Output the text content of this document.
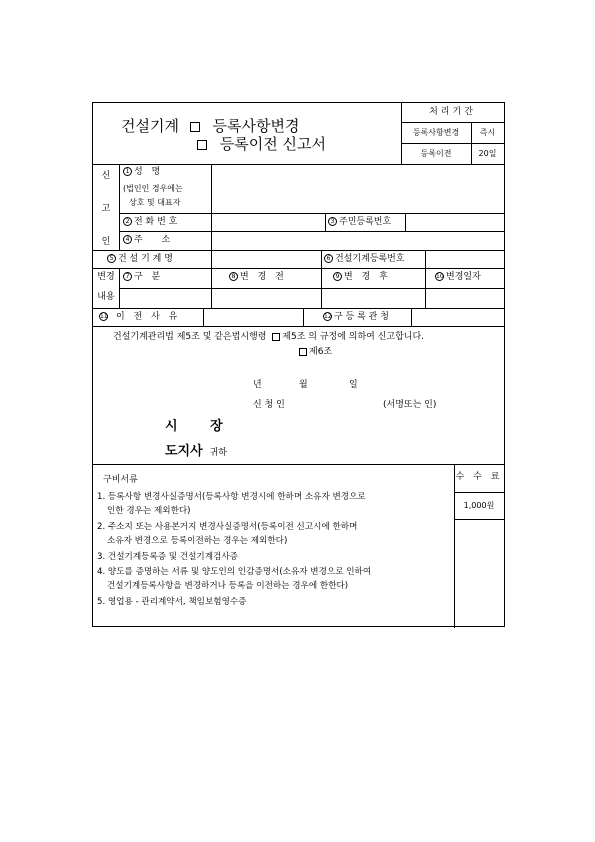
건설기계 등록사항변경
등록이전 신고서
처리기간
등록사항변경	즉시
등록이전	20일
신
고
인
1 성 명
(법인인 경우에는
상호 및 대표자
2 전 화 번 호	3 주민등록번호
4 주 소
5 건 설 기 계 명	6 건설기계등록번호
변경
내용
7 구 분	8 변 경 전	9 변 경 후	10 변경일자
11 이 전 사 유	12 구 등 록 관 청
건설기계관리법 제5조 및 같은법시행령 제5조 의 규정에 의하여 신고합니다.
제6조
년	월	일
신 청 인	(서명또는 인)
시 장
도지사 귀하
구비서류
1. 등록사항 변경사실증명서(등록사항 변경시에 한하며 소유자 변경으로
인한 경우는 제외한다)
2. 주소지 또는 사용본거지 변경사실증명서(등록이전 신고시에 한하며
소유자 변경으로 등록이전하는 경우는 제외한다)
3. 건설기계등록증 및 건설기계검사증
4. 양도를 증명하는 서류 및 양도인의 인감증명서(소유자 변경으로 인하여
건설기계등록사항을 변경하거나 등록을 이전하는 경우에 한한다)
5. 영업용 - 관리계약서, 책임보험영수증
수 수 료
1,000원
